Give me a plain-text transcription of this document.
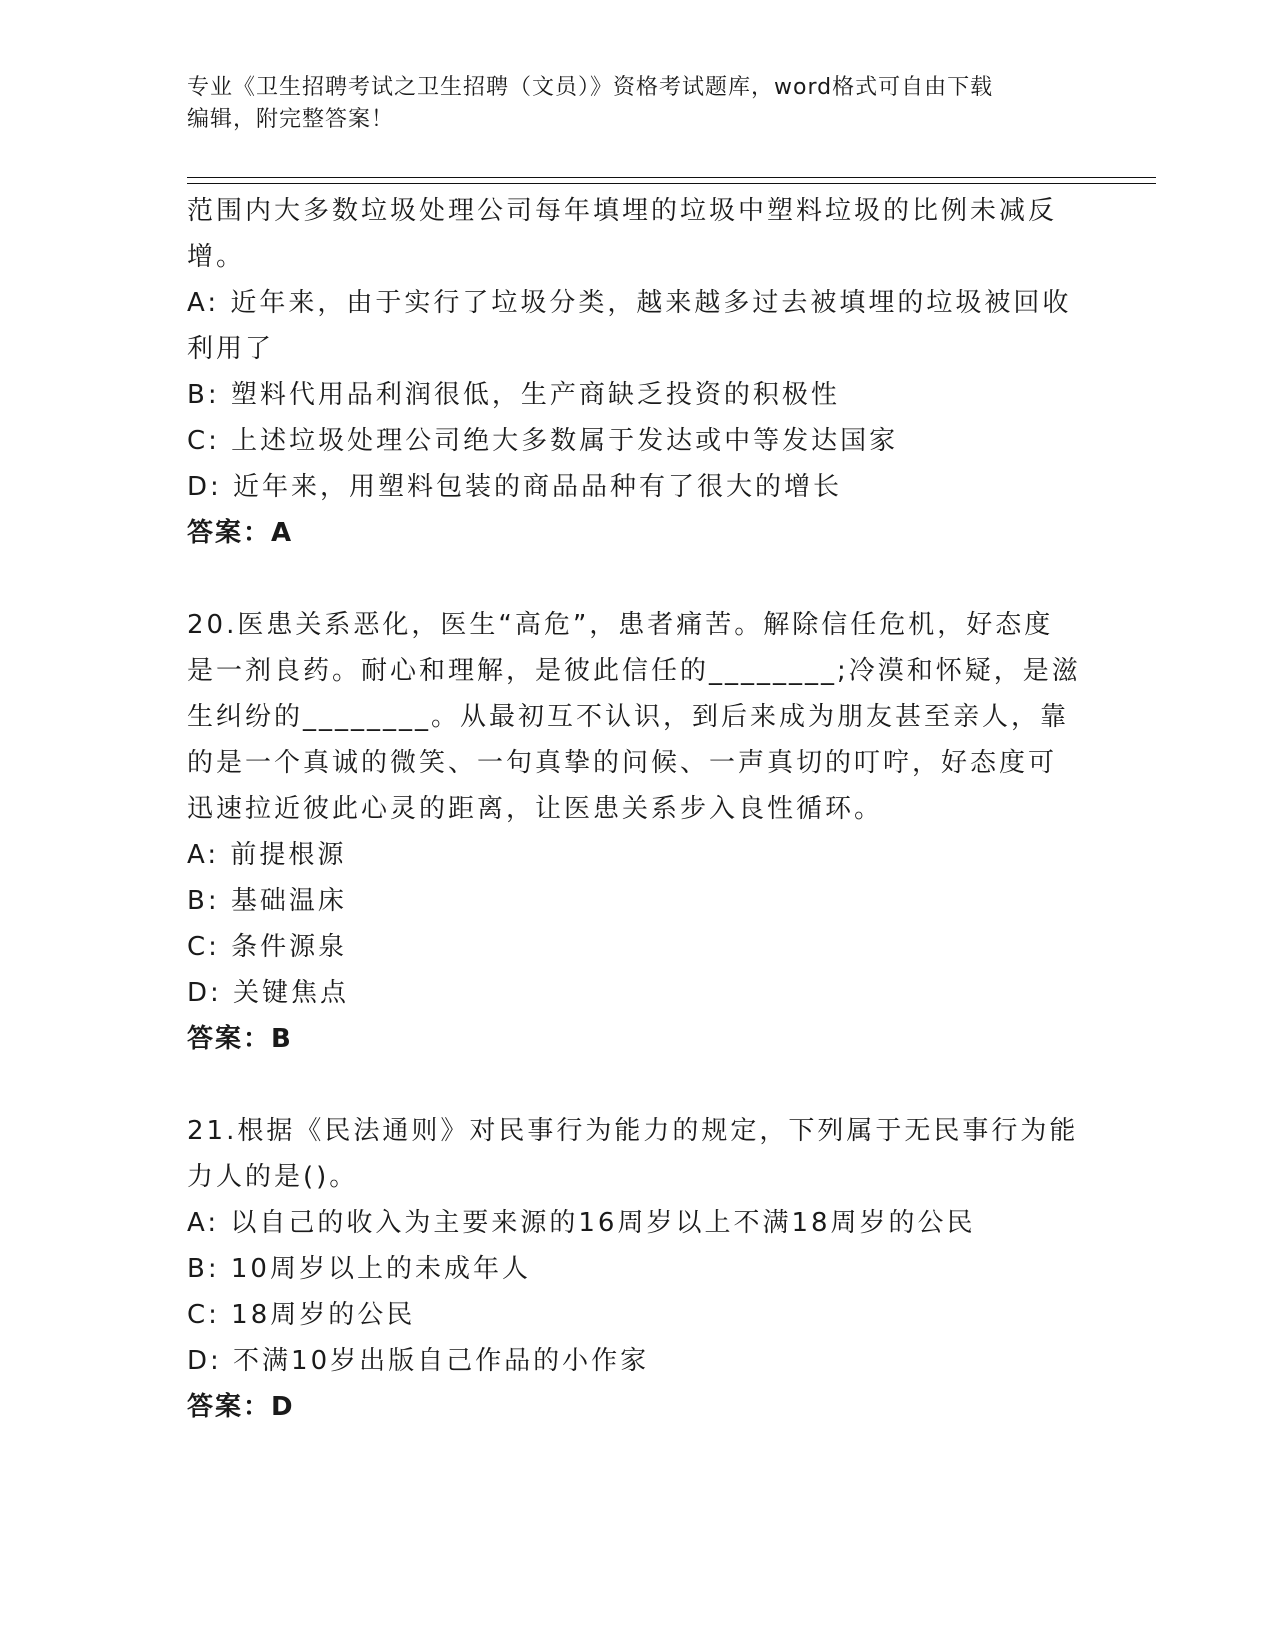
专业《卫生招聘考试之卫生招聘（文员）》资格考试题库，word格式可自由下载
编辑，附完整答案！
范围内大多数垃圾处理公司每年填埋的垃圾中塑料垃圾的比例未减反
增。
A: 近年来，由于实行了垃圾分类，越来越多过去被填埋的垃圾被回收
利用了
B: 塑料代用品利润很低，生产商缺乏投资的积极性
C: 上述垃圾处理公司绝大多数属于发达或中等发达国家
D: 近年来，用塑料包装的商品品种有了很大的增长
答案：A
20.医患关系恶化，医生“高危”，患者痛苦。解除信任危机，好态度
是一剂良药。耐心和理解，是彼此信任的________;冷漠和怀疑，是滋
生纠纷的________。从最初互不认识，到后来成为朋友甚至亲人，靠
的是一个真诚的微笑、一句真挚的问候、一声真切的叮咛，好态度可
迅速拉近彼此心灵的距离，让医患关系步入良性循环。
A: 前提根源
B: 基础温床
C: 条件源泉
D: 关键焦点
答案：B
21.根据《民法通则》对民事行为能力的规定，下列属于无民事行为能
力人的是()。
A: 以自己的收入为主要来源的16周岁以上不满18周岁的公民
B: 10周岁以上的未成年人
C: 18周岁的公民
D: 不满10岁出版自己作品的小作家
答案：D
